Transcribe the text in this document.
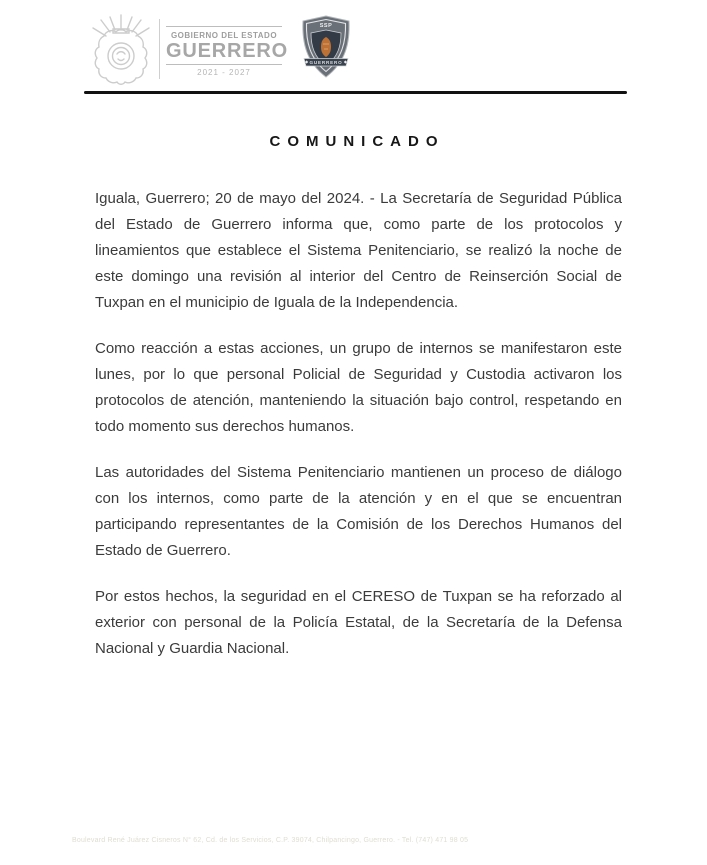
GOBIERNO DEL ESTADO
GUERRERO
2021 - 2027
SSP
GUERRERO
COMUNICADO

Iguala, Guerrero; 20 de mayo del 2024. - La Secretaría de Seguridad Pública del Estado de Guerrero informa que, como parte de los protocolos y lineamientos que establece el Sistema Penitenciario, se realizó la noche de este domingo una revisión al interior del Centro de Reinserción Social de Tuxpan en el municipio de Iguala de la Independencia.

Como reacción a estas acciones, un grupo de internos se manifestaron este lunes, por lo que personal Policial de Seguridad y Custodia activaron los protocolos de atención, manteniendo la situación bajo control, respetando en todo momento sus derechos humanos.

Las autoridades del Sistema Penitenciario mantienen un proceso de diálogo con los internos, como parte de la atención y en el que se encuentran participando representantes de la Comisión de los Derechos Humanos del Estado de Guerrero.

Por estos hechos, la seguridad en el CERESO de Tuxpan se ha reforzado al exterior con personal de la Policía Estatal, de la Secretaría de la Defensa Nacional y Guardia Nacional.

Boulevard René Juárez Cisneros N° 62, Cd. de los Servicios, C.P. 39074, Chilpancingo, Guerrero. - Tel. (747) 471 98 05
